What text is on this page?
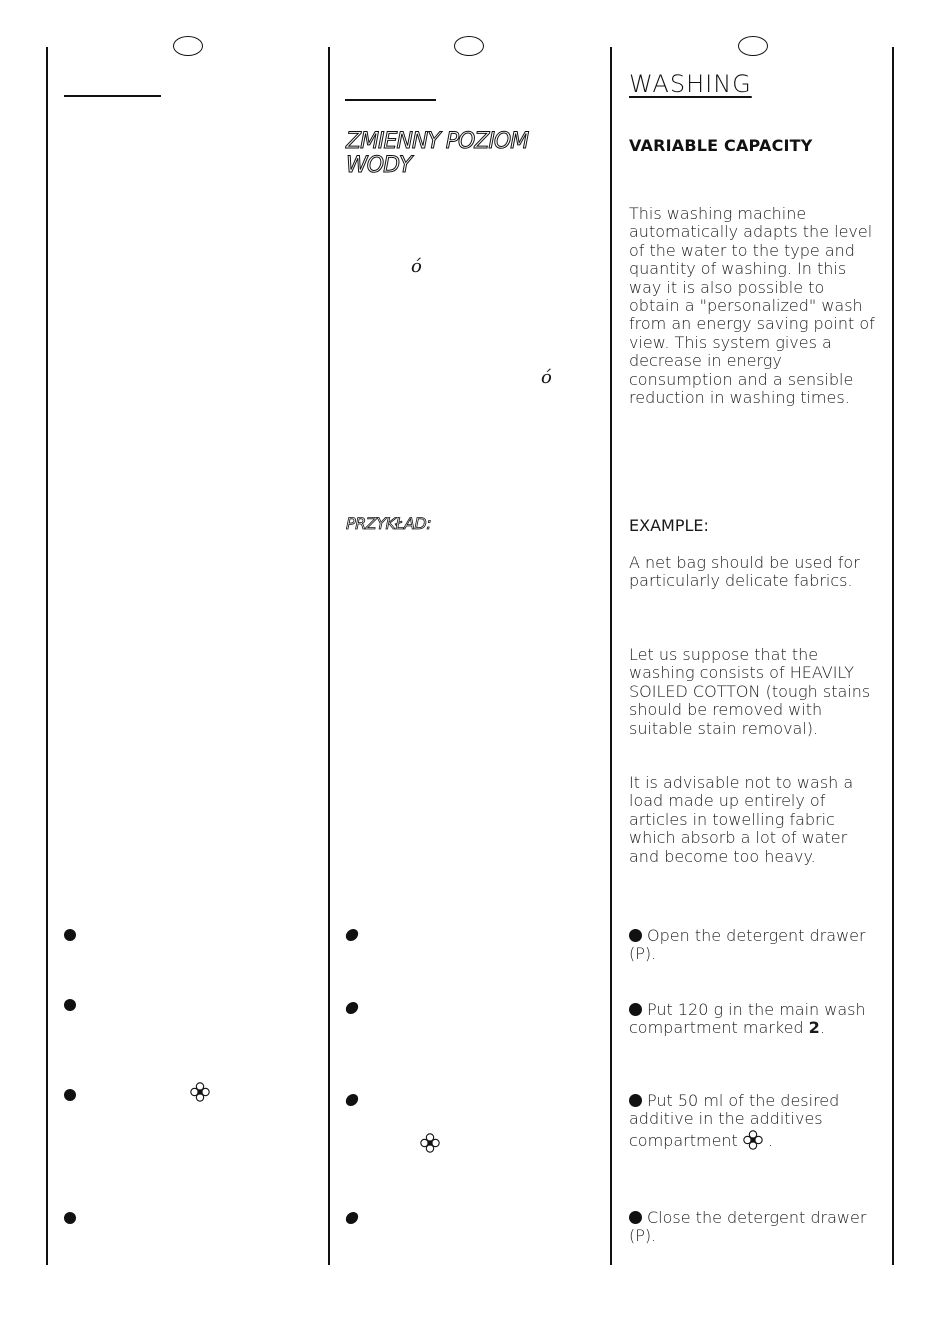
ZMIENNY POZIOM WODY
ó
ó
PRZYKŁAD:
WASHING
VARIABLE CAPACITY
This washing machine automatically adapts the level of the water to the type and quantity of washing. In this way it is also possible to obtain a "personalized" wash from an energy saving point of view. This system gives a decrease in energy consumption and a sensible reduction in washing times.
EXAMPLE:
A net bag should be used for particularly delicate fabrics.
Let us suppose that the washing consists of HEAVILY SOILED COTTON (tough stains should be removed with suitable stain removal).
It is advisable not to wash a load made up entirely of articles in towelling fabric which absorb a lot of water and become too heavy.
Open the detergent drawer (P).
Put 120 g in the main wash compartment marked 2.
Put 50 ml of the desired additive in the additives compartment .
Close the detergent drawer (P).
